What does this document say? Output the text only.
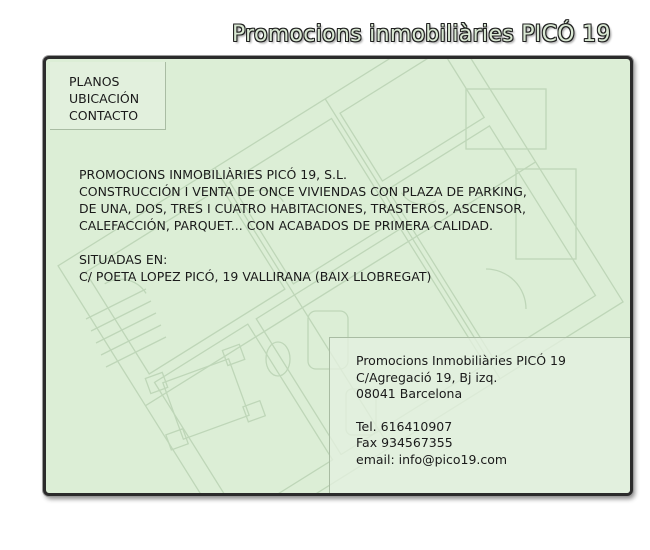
Promocions inmobiliàries PICÓ 19
PLANOS
UBICACIÓN
CONTACTO

PROMOCIONS INMOBILIÀRIES PICÓ 19, S.L.

CONSTRUCCIÓN I VENTA DE ONCE VIVIENDAS CON PLAZA DE PARKING,

DE UNA, DOS, TRES I CUATRO HABITACIONES, TRASTEROS, ASCENSOR,

CALEFACCIÓN, PARQUET... CON ACABADOS DE PRIMERA CALIDAD.

SITUADAS EN:

C/ POETA LOPEZ PICÓ, 19 VALLIRANA (BAIX LLOBREGAT)

Promocions Inmobiliàries PICÓ 19

C/Agregació 19, Bj izq.

08041 Barcelona

Tel. 616410907

Fax 934567355

email: info@pico19.com
